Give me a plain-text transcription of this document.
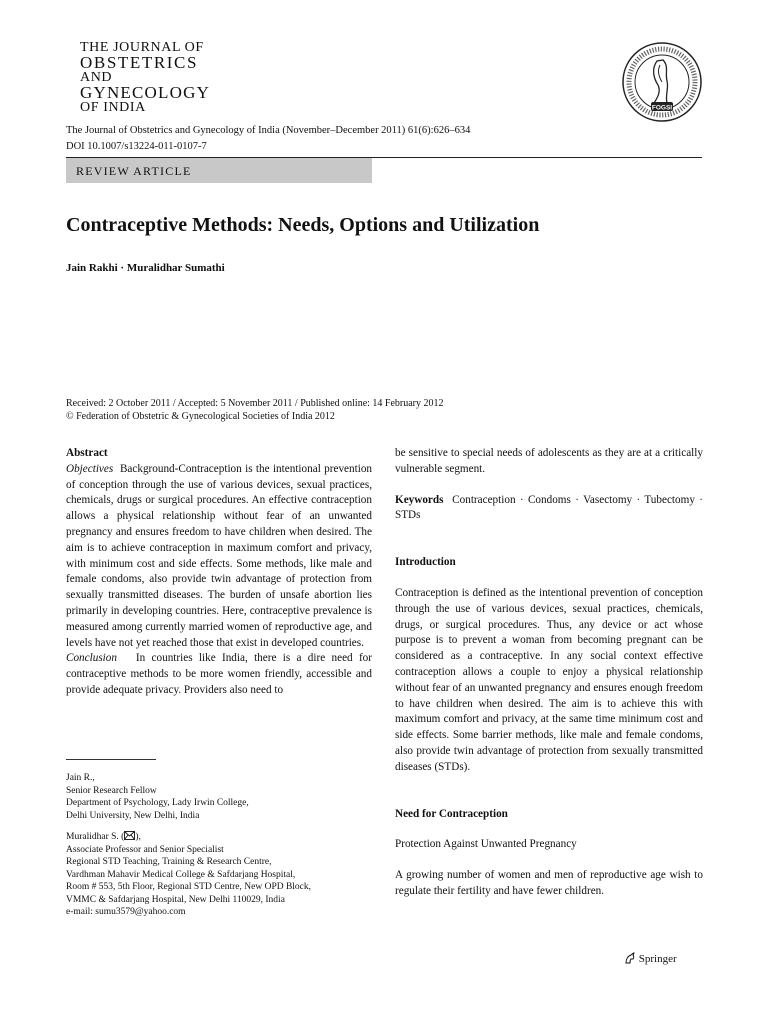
THE JOURNAL OF
OBSTETRICS
AND
GYNECOLOGY
OF INDIA	FOGSI
The Journal of Obstetrics and Gynecology of India (November–December 2011) 61(6):626–634
DOI 10.1007/s13224-011-0107-7
REVIEW ARTICLE
Contraceptive Methods: Needs, Options and Utilization
Jain Rakhi · Muralidhar Sumathi
Received: 2 October 2011 / Accepted: 5 November 2011 / Published online: 14 February 2012
© Federation of Obstetric & Gynecological Societies of India 2012

Abstract

Objectives Background-Contraception is the intentional prevention of conception through the use of various devices, sexual practices, chemicals, drugs or surgical procedures. An effective contraception allows a physical relationship without fear of an unwanted pregnancy and ensures freedom to have children when desired. The aim is to achieve contraception in maximum comfort and privacy, with minimum cost and side effects. Some methods, like male and female condoms, also provide twin advantage of protection from sexually transmitted diseases. The burden of unsafe abortion lies primarily in developing countries. Here, contraceptive prevalence is measured among currently married women of reproductive age, and levels have not yet reached those that exist in developed countries.

Conclusion In countries like India, there is a dire need for contraceptive methods to be more women friendly, accessible and provide adequate privacy. Providers also need to

Jain R.,
Senior Research Fellow
Department of Psychology, Lady Irwin College,
Delhi University, New Delhi, India
Muralidhar S. ( ),
Associate Professor and Senior Specialist
Regional STD Teaching, Training & Research Centre,
Vardhman Mahavir Medical College & Safdarjang Hospital,
Room # 553, 5th Floor, Regional STD Centre, New OPD Block,
VMMC & Safdarjang Hospital, New Delhi 110029, India
e-mail: sumu3579@yahoo.com

be sensitive to special needs of adolescents as they are at a critically vulnerable segment.

Keywords Contraception · Condoms · Vasectomy · Tubectomy · STDs

Introduction

Contraception is defined as the intentional prevention of conception through the use of various devices, sexual practices, chemicals, drugs, or surgical procedures. Thus, any device or act whose purpose is to prevent a woman from becoming pregnant can be considered as a contraceptive. In any social context effective contraception allows a couple to enjoy a physical relationship without fear of an unwanted pregnancy and ensures enough freedom to have children when desired. The aim is to achieve this with maximum comfort and privacy, at the same time minimum cost and side effects. Some barrier methods, like male and female condoms, also provide twin advantage of protection from sexually transmitted diseases (STDs).

Need for Contraception

Protection Against Unwanted Pregnancy

A growing number of women and men of reproductive age wish to regulate their fertility and have fewer children.

Springer
